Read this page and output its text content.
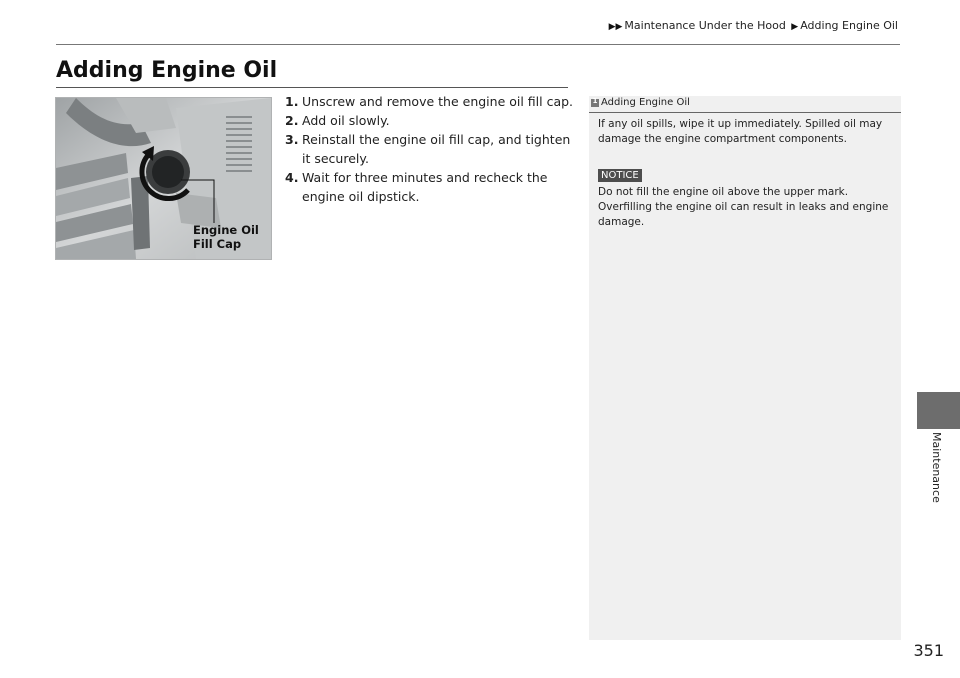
▶▶ Maintenance Under the Hood ▶ Adding Engine Oil
Adding Engine Oil
Engine Oil
Fill Cap
1. Unscrew and remove the engine oil fill cap.
2. Add oil slowly.
3. Reinstall the engine oil fill cap, and tighten it securely.
4. Wait for three minutes and recheck the engine oil dipstick.
1 Adding Engine Oil
If any oil spills, wipe it up immediately. Spilled oil may damage the engine compartment components.
NOTICE
Do not fill the engine oil above the upper mark. Overfilling the engine oil can result in leaks and engine damage.
Maintenance
351
